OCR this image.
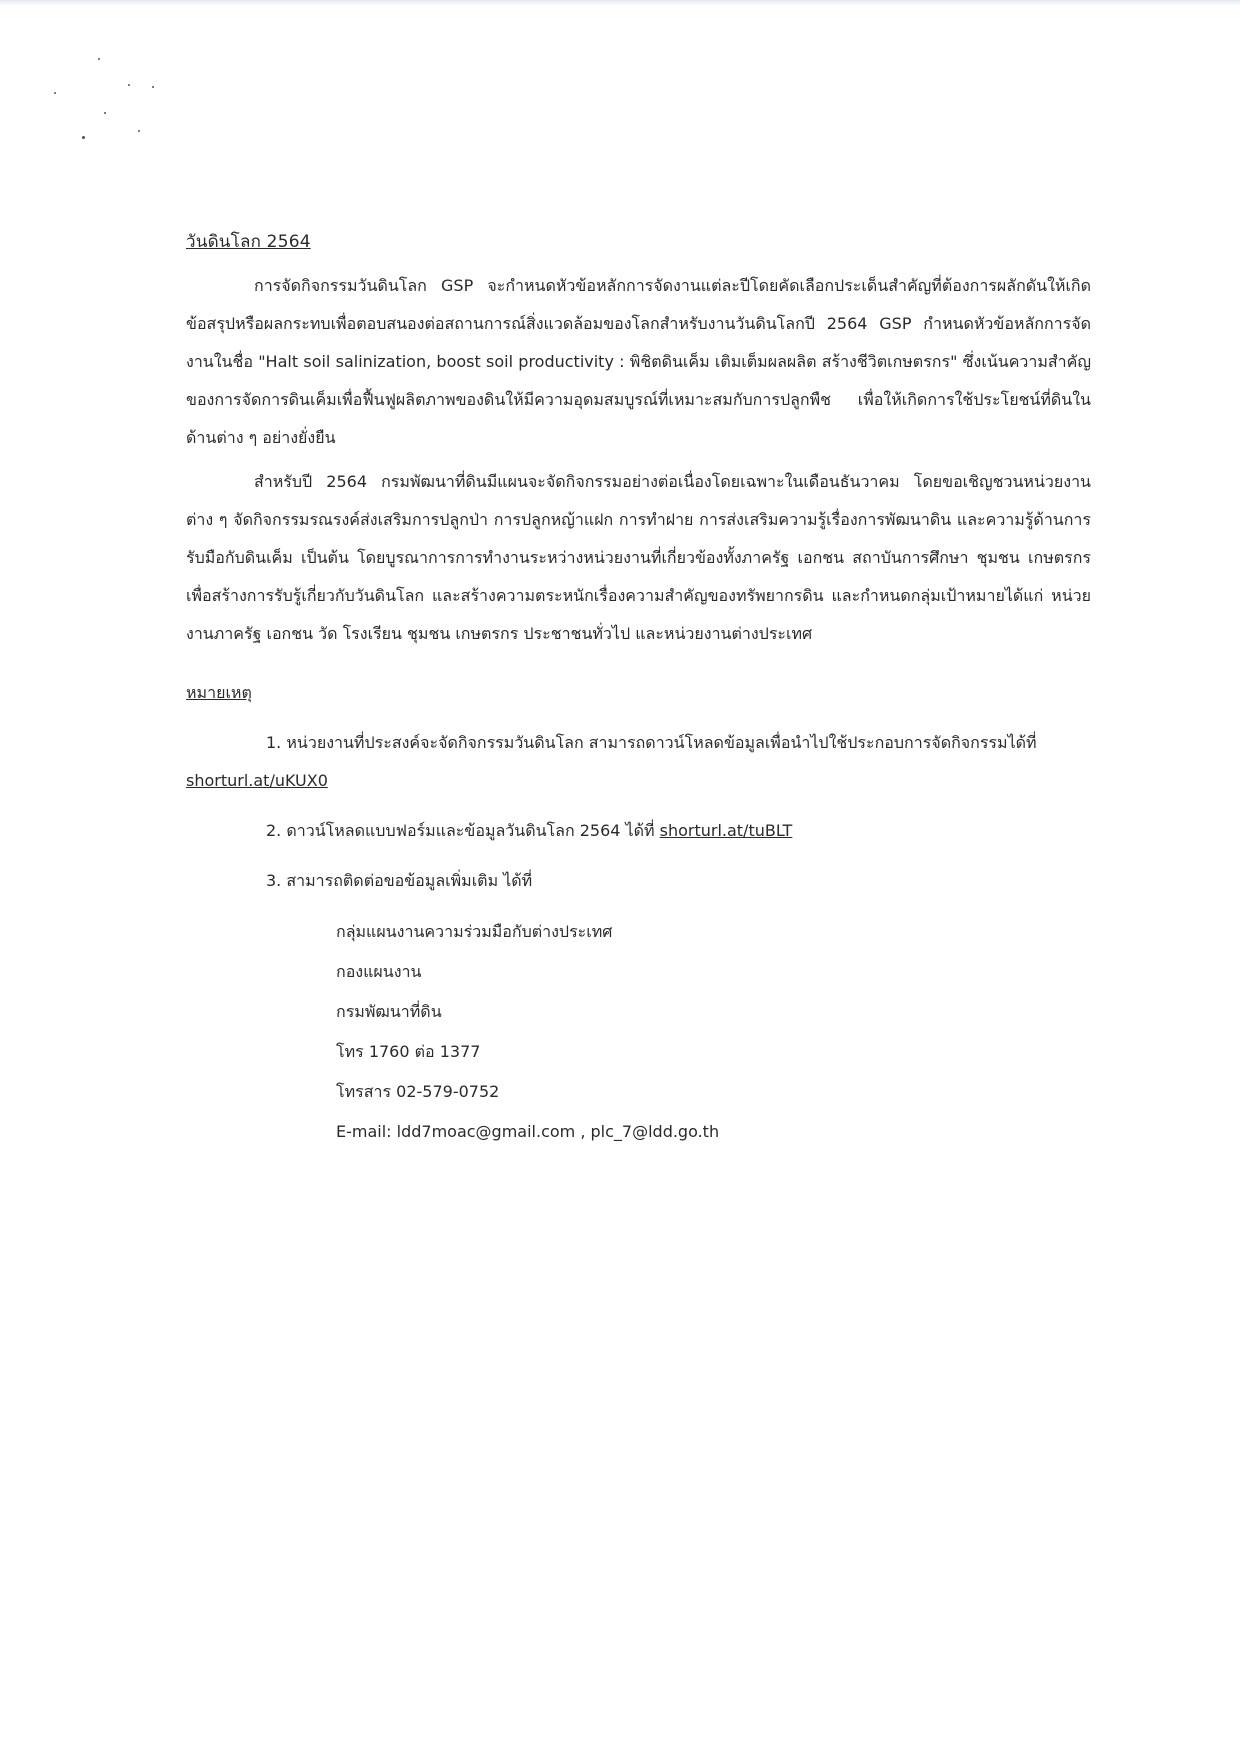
วันดินโลก 2564

การจัดกิจกรรมวันดินโลก GSP จะกำหนดหัวข้อหลักการจัดงานแต่ละปีโดยคัดเลือกประเด็นสำคัญที่ต้องการผลักดันให้เกิดข้อสรุปหรือผลกระทบเพื่อตอบสนองต่อสถานการณ์สิ่งแวดล้อมของโลกสำหรับงานวันดินโลกปี 2564 GSP กำหนดหัวข้อหลักการจัดงานในชื่อ "Halt soil salinization, boost soil productivity : พิชิตดินเค็ม เติมเต็มผลผลิต สร้างชีวิตเกษตรกร" ซึ่งเน้นความสำคัญของการจัดการดินเค็มเพื่อฟื้นฟูผลิตภาพของดินให้มีความอุดมสมบูรณ์ที่เหมาะสมกับการปลูกพืช เพื่อให้เกิดการใช้ประโยชน์ที่ดินในด้านต่าง ๆ อย่างยั่งยืน

สำหรับปี 2564 กรมพัฒนาที่ดินมีแผนจะจัดกิจกรรมอย่างต่อเนื่องโดยเฉพาะในเดือนธันวาคม โดยขอเชิญชวนหน่วยงานต่าง ๆ จัดกิจกรรมรณรงค์ส่งเสริมการปลูกป่า การปลูกหญ้าแฝก การทำฝาย การส่งเสริมความรู้เรื่องการพัฒนาดิน และความรู้ด้านการรับมือกับดินเค็ม เป็นต้น โดยบูรณาการการทำงานระหว่างหน่วยงานที่เกี่ยวข้องทั้งภาครัฐ เอกชน สถาบันการศึกษา ชุมชน เกษตรกร เพื่อสร้างการรับรู้เกี่ยวกับวันดินโลก และสร้างความตระหนักเรื่องความสำคัญของทรัพยากรดิน และกำหนดกลุ่มเป้าหมายได้แก่ หน่วยงานภาครัฐ เอกชน วัด โรงเรียน ชุมชน เกษตรกร ประชาชนทั่วไป และหน่วยงานต่างประเทศ

หมายเหตุ
1. หน่วยงานที่ประสงค์จะจัดกิจกรรมวันดินโลก สามารถดาวน์โหลดข้อมูลเพื่อนำไปใช้ประกอบการจัดกิจกรรมได้ที่ shorturl.at/uKUX0
2. ดาวน์โหลดแบบฟอร์มและข้อมูลวันดินโลก 2564 ได้ที่ shorturl.at/tuBLT
3. สามารถติดต่อขอข้อมูลเพิ่มเติม ได้ที่
กลุ่มแผนงานความร่วมมือกับต่างประเทศ
กองแผนงาน
กรมพัฒนาที่ดิน
โทร 1760 ต่อ 1377
โทรสาร 02-579-0752
E-mail: ldd7moac@gmail.com , plc_7@ldd.go.th
